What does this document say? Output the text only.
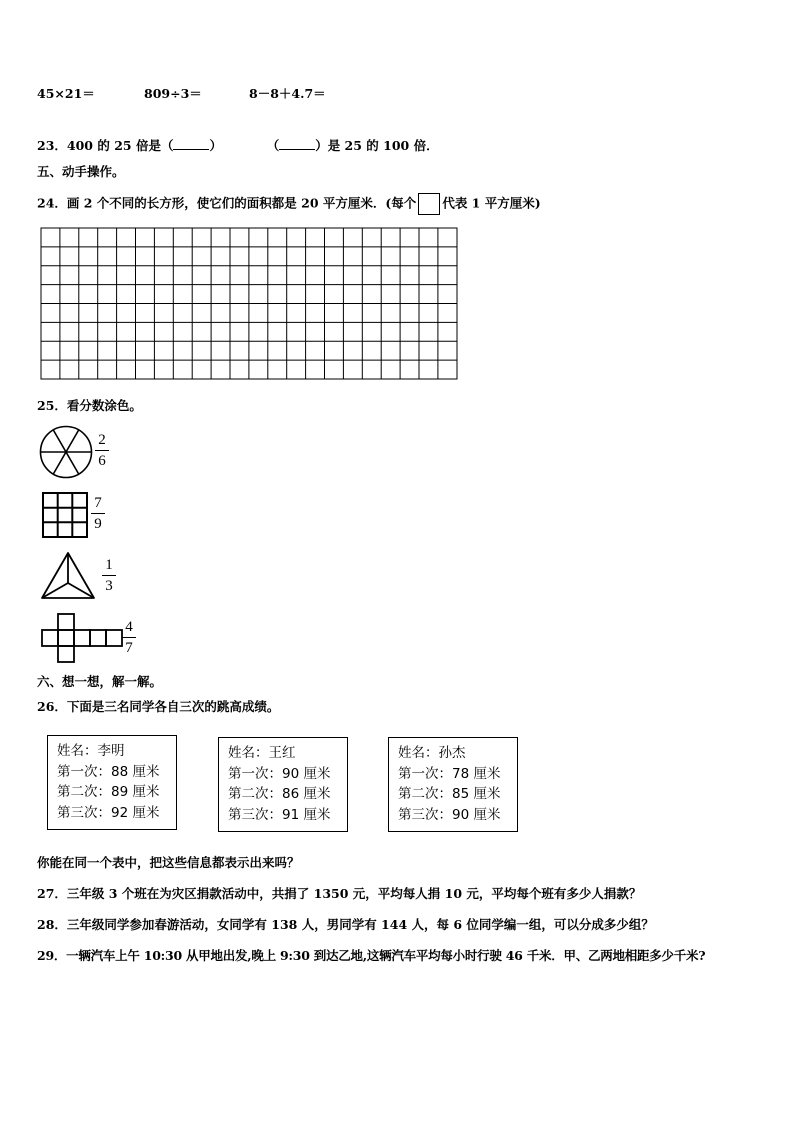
45×21＝	809÷3＝	8－8＋4.7＝
23．400 的 25 倍是（	）	（	）是 25 的 100 倍．
五、动手操作。
24．画 2 个不同的长方形，使它们的面积都是 20 平方厘米．(每个 代表 1 平方厘米)
25．看分数涂色。
2
6
7
9
1
3
4
7
六、想一想，解一解。
26．下面是三名同学各自三次的跳高成绩。
姓名：李明
第一次：88 厘米
第二次：89 厘米
第三次：92 厘米
姓名：王红
第一次：90 厘米
第二次：86 厘米
第三次：91 厘米
姓名：孙杰
第一次：78 厘米
第二次：85 厘米
第三次：90 厘米
你能在同一个表中，把这些信息都表示出来吗？
27．三年级 3 个班在为灾区捐款活动中，共捐了 1350 元，平均每人捐 10 元，平均每个班有多少人捐款？
28．三年级同学参加春游活动，女同学有 138 人，男同学有 144 人，每 6 位同学编一组，可以分成多少组？
29．一辆汽车上午 10:30 从甲地出发,晚上 9:30 到达乙地,这辆汽车平均每小时行驶 46 千米．甲、乙两地相距多少千米?
